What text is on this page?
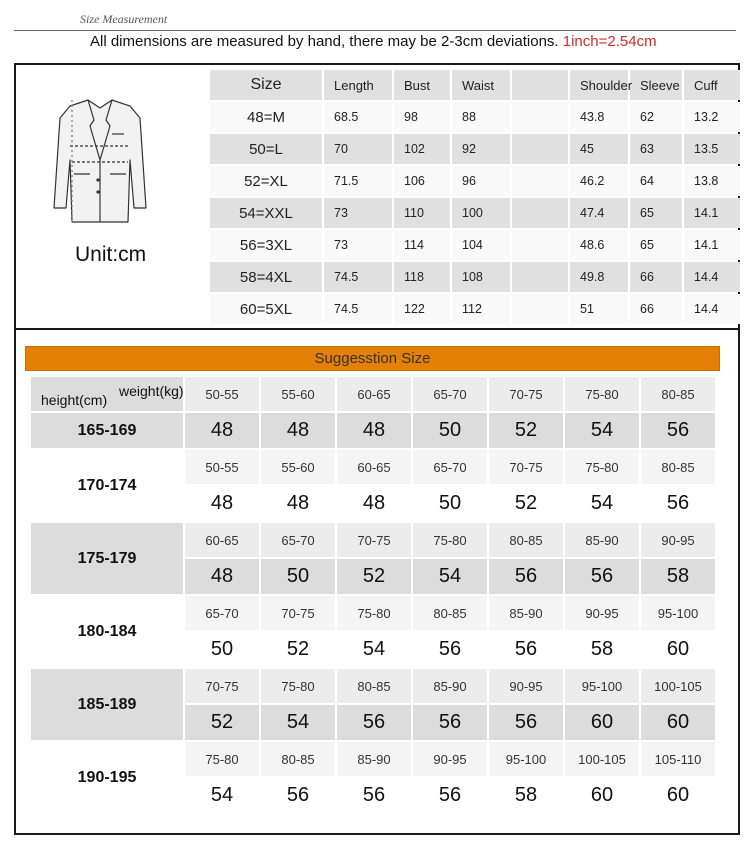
Size Measurement
All dimensions are measured by hand, there may be 2-3cm deviations. 1inch=2.54cm
Unit:cm
Size	Length	Bust	Waist		Shoulder	Sleeve	Cuff
48=M	68.5	98	88		43.8	62	13.2
50=L	70	102	92		45	63	13.5
52=XL	71.5	106	96		46.2	64	13.8
54=XXL	73	110	100		47.4	65	14.1
56=3XL	73	114	104		48.6	65	14.1
58=4XL	74.5	118	108		49.8	66	14.4
60=5XL	74.5	122	112		51	66	14.4
Suggesstion Size
height(cm)
weight(kg)	50-55	55-60	60-65	65-70	70-75	75-80	80-85
165-169	48	48	48	50	52	54	56
170-174	50-55	55-60	60-65	65-70	70-75	75-80	80-85
	48	48	48	50	52	54	56
175-179	60-65	65-70	70-75	75-80	80-85	85-90	90-95
	48	50	52	54	56	56	58
180-184	65-70	70-75	75-80	80-85	85-90	90-95	95-100
	50	52	54	56	56	58	60
185-189	70-75	75-80	80-85	85-90	90-95	95-100	100-105
	52	54	56	56	56	60	60
190-195	75-80	80-85	85-90	90-95	95-100	100-105	105-110
	54	56	56	56	58	60	60
